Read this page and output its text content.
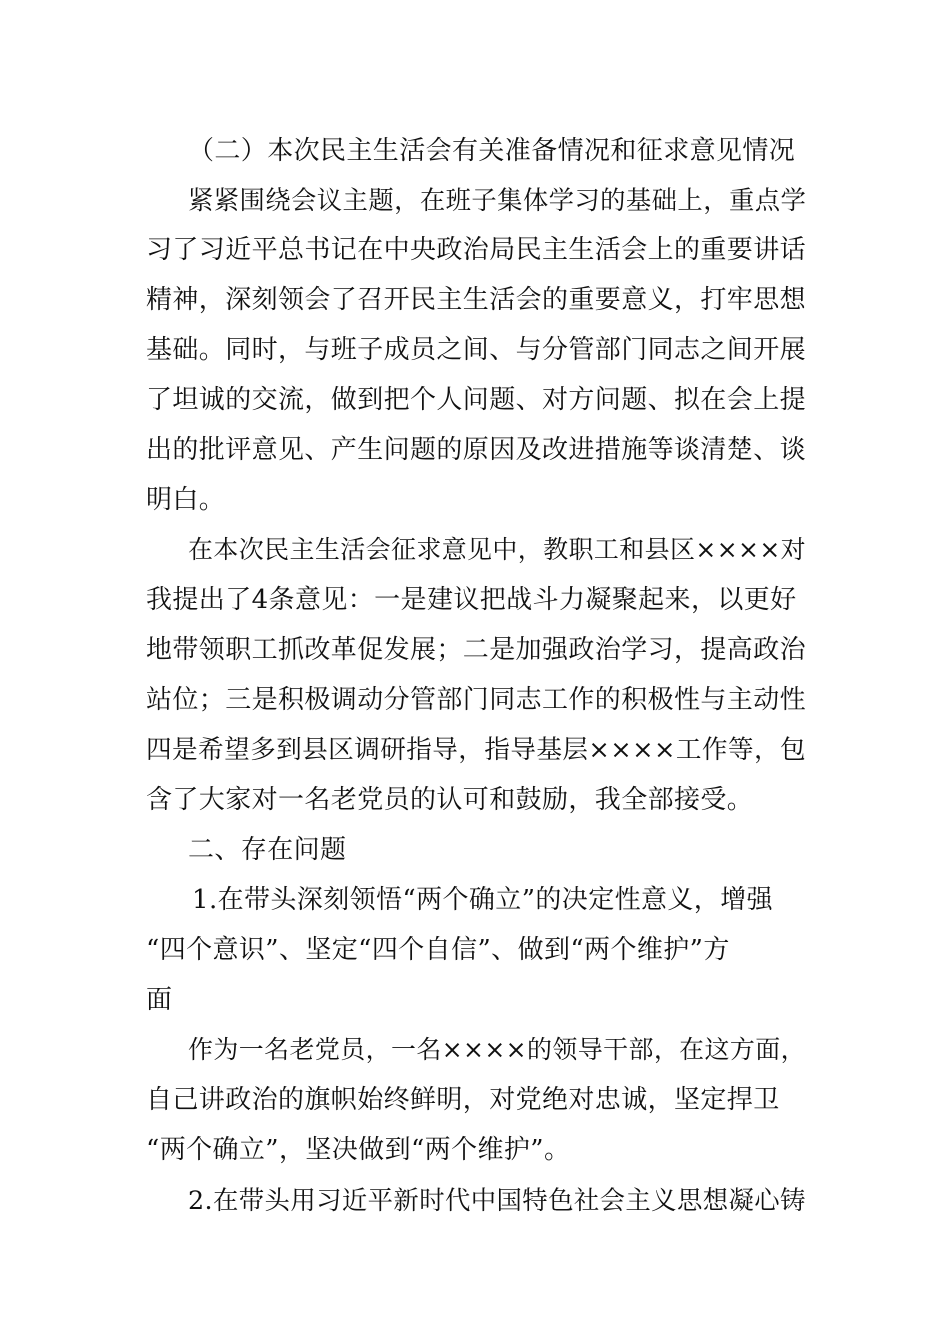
（二）本次民主生活会有关准备情况和征求意见情况
紧紧围绕会议主题，在班子集体学习的基础上，重点学
习了习近平总书记在中央政治局民主生活会上的重要讲话
精神，深刻领会了召开民主生活会的重要意义，打牢思想
基础。同时，与班子成员之间、与分管部门同志之间开展
了坦诚的交流，做到把个人问题、对方问题、拟在会上提
出的批评意见、产生问题的原因及改进措施等谈清楚、谈
明白。
在本次民主生活会征求意见中，教职工和县区××××对
我提出了4条意见：一是建议把战斗力凝聚起来，以更好
地带领职工抓改革促发展；二是加强政治学习，提高政治
站位；三是积极调动分管部门同志工作的积极性与主动性
四是希望多到县区调研指导，指导基层××××工作等，包
含了大家对一名老党员的认可和鼓励，我全部接受。
二、存在问题
1.在带头深刻领悟“两个确立”的决定性意义，增强
“四个意识”、坚定“四个自信”、做到“两个维护”方
面
作为一名老党员，一名××××的领导干部，在这方面，
自己讲政治的旗帜始终鲜明，对党绝对忠诚，坚定捍卫
“两个确立”，坚决做到“两个维护”。
2.在带头用习近平新时代中国特色社会主义思想凝心铸
